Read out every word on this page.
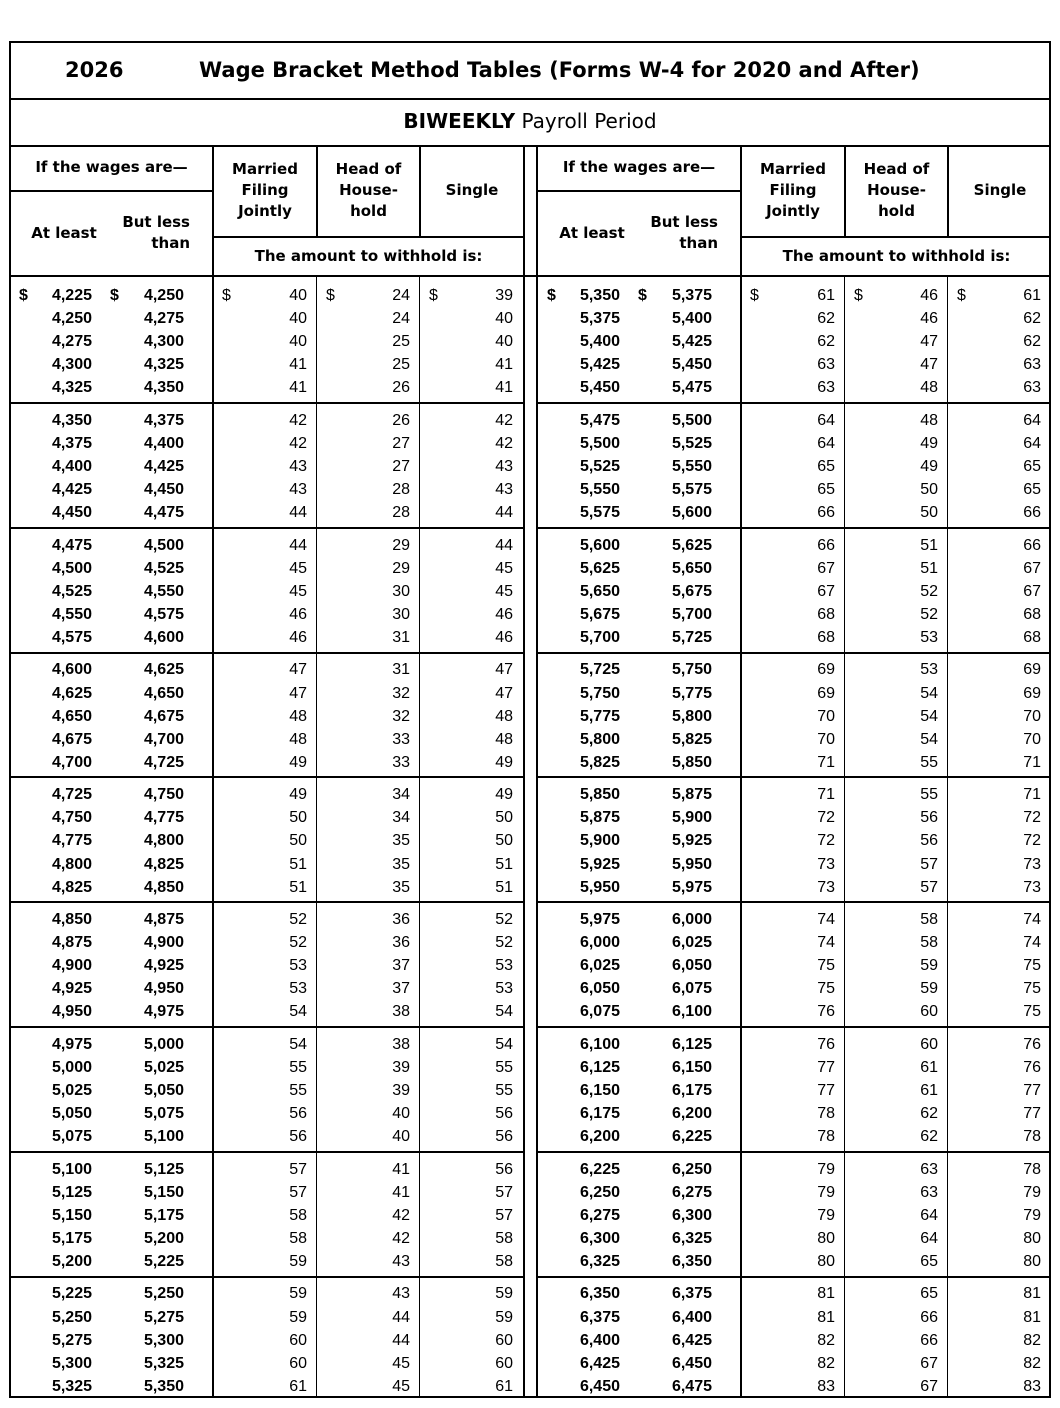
2026	Wage Bracket Method Tables (Forms W-4 for 2020 and After)
BIWEEKLY Payroll Period
If the wages are—
At least
But less
than
Married
Filing
Jointly
Head of
House-
hold
Single
The amount to withhold is:
If the wages are—
At least
But less
than
Married
Filing
Jointly
Head of
House-
hold
Single
The amount to withhold is:
4,225	4,250	40	24	39
$	$	$	$	$
4,250	4,275	40	24	40
4,275	4,300	40	25	40
4,300	4,325	41	25	41
4,325	4,350	41	26	41
4,350	4,375	42	26	42
4,375	4,400	42	27	42
4,400	4,425	43	27	43
4,425	4,450	43	28	43
4,450	4,475	44	28	44
4,475	4,500	44	29	44
4,500	4,525	45	29	45
4,525	4,550	45	30	45
4,550	4,575	46	30	46
4,575	4,600	46	31	46
4,600	4,625	47	31	47
4,625	4,650	47	32	47
4,650	4,675	48	32	48
4,675	4,700	48	33	48
4,700	4,725	49	33	49
4,725	4,750	49	34	49
4,750	4,775	50	34	50
4,775	4,800	50	35	50
4,800	4,825	51	35	51
4,825	4,850	51	35	51
4,850	4,875	52	36	52
4,875	4,900	52	36	52
4,900	4,925	53	37	53
4,925	4,950	53	37	53
4,950	4,975	54	38	54
4,975	5,000	54	38	54
5,000	5,025	55	39	55
5,025	5,050	55	39	55
5,050	5,075	56	40	56
5,075	5,100	56	40	56
5,100	5,125	57	41	56
5,125	5,150	57	41	57
5,150	5,175	58	42	57
5,175	5,200	58	42	58
5,200	5,225	59	43	58
5,225	5,250	59	43	59
5,250	5,275	59	44	59
5,275	5,300	60	44	60
5,300	5,325	60	45	60
5,325	5,350	61	45	61
5,350	5,375	61	46	61
$	$	$	$	$
5,375	5,400	62	46	62
5,400	5,425	62	47	62
5,425	5,450	63	47	63
5,450	5,475	63	48	63
5,475	5,500	64	48	64
5,500	5,525	64	49	64
5,525	5,550	65	49	65
5,550	5,575	65	50	65
5,575	5,600	66	50	66
5,600	5,625	66	51	66
5,625	5,650	67	51	67
5,650	5,675	67	52	67
5,675	5,700	68	52	68
5,700	5,725	68	53	68
5,725	5,750	69	53	69
5,750	5,775	69	54	69
5,775	5,800	70	54	70
5,800	5,825	70	54	70
5,825	5,850	71	55	71
5,850	5,875	71	55	71
5,875	5,900	72	56	72
5,900	5,925	72	56	72
5,925	5,950	73	57	73
5,950	5,975	73	57	73
5,975	6,000	74	58	74
6,000	6,025	74	58	74
6,025	6,050	75	59	75
6,050	6,075	75	59	75
6,075	6,100	76	60	75
6,100	6,125	76	60	76
6,125	6,150	77	61	76
6,150	6,175	77	61	77
6,175	6,200	78	62	77
6,200	6,225	78	62	78
6,225	6,250	79	63	78
6,250	6,275	79	63	79
6,275	6,300	79	64	79
6,300	6,325	80	64	80
6,325	6,350	80	65	80
6,350	6,375	81	65	81
6,375	6,400	81	66	81
6,400	6,425	82	66	82
6,425	6,450	82	67	82
6,450	6,475	83	67	83
